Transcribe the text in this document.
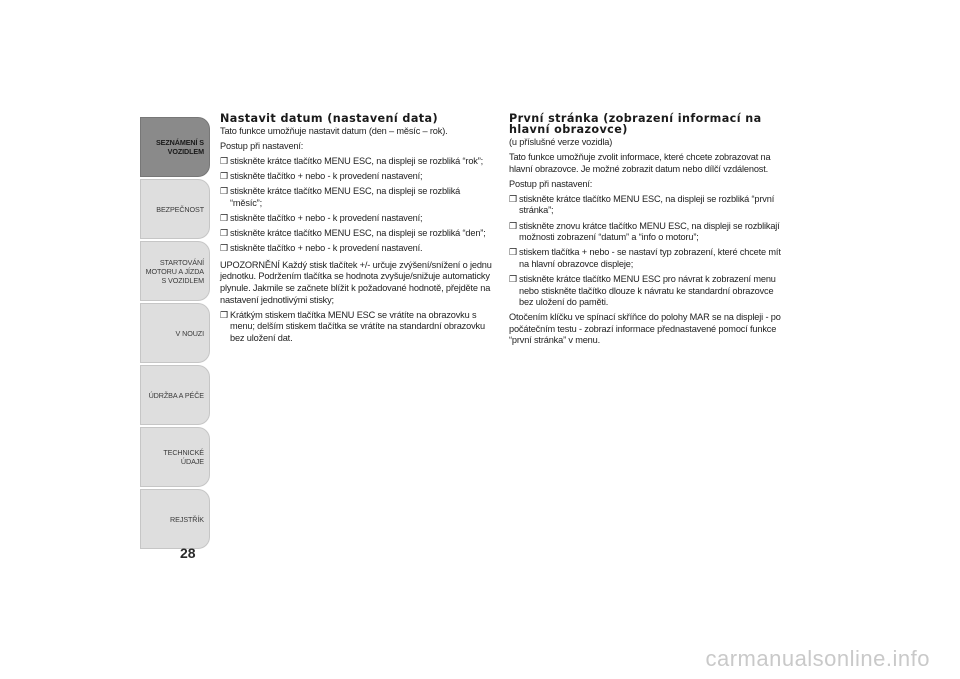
SEZNÁMENÍ S VOZIDLEM
BEZPEČNOST
STARTOVÁNÍ MOTORU A JÍZDA S VOZIDLEM
V NOUZI
ÚDRŽBA A PÉČE
TECHNICKÉ ÚDAJE
REJSTŘÍK
28
Nastavit datum (nastavení data)
Tato funkce umožňuje nastavit datum (den – měsíc – rok).
Postup při nastavení:
❒ stiskněte krátce tlačítko MENU ESC, na displeji se rozbliká “rok”;
❒ stiskněte tlačítko + nebo - k provedení nastavení;
❒ stiskněte krátce tlačítko MENU ESC, na displeji se rozbliká “měsíc”;
❒ stiskněte tlačítko + nebo - k provedení nastavení;
❒ stiskněte krátce tlačítko MENU ESC, na displeji se rozbliká “den”;
❒ stiskněte tlačítko + nebo - k provedení nastavení.
UPOZORNĚNÍ Každý stisk tlačítek +/- určuje zvýšení/snížení o jednu jednotku. Podržením tlačítka se hodnota zvyšuje/snižuje automaticky plynule. Jakmile se začnete blížit k požadované hodnotě, přejděte na nastavení jednotlivými stisky;
❒ Krátkým stiskem tlačítka MENU ESC se vrátíte na obrazovku s menu; delším stiskem tlačítka se vrátíte na standardní obrazovku bez uložení dat.
První stránka (zobrazení informací na hlavní obrazovce)
(u příslušné verze vozidla)
Tato funkce umožňuje zvolit informace, které chcete zobrazovat na hlavní obrazovce. Je možné zobrazit datum nebo dílčí vzdálenost.
Postup při nastavení:
❒ stiskněte krátce tlačítko MENU ESC, na displeji se rozbliká “první stránka”;
❒ stiskněte znovu krátce tlačítko MENU ESC, na displeji se rozblikají možnosti zobrazení “datum” a “info o motoru”;
❒ stiskem tlačítka + nebo - se nastaví typ zobrazení, které chcete mít na hlavní obrazovce displeje;
❒ stiskněte krátce tlačítko MENU ESC pro návrat k zobrazení menu nebo stiskněte tlačítko dlouze k návratu ke standardní obrazovce bez uložení do paměti.
Otočením klíčku ve spínací skříňce do polohy MAR se na displeji - po počátečním testu - zobrazí informace přednastavené pomocí funkce “první stránka” v menu.
carmanualsonline.info
